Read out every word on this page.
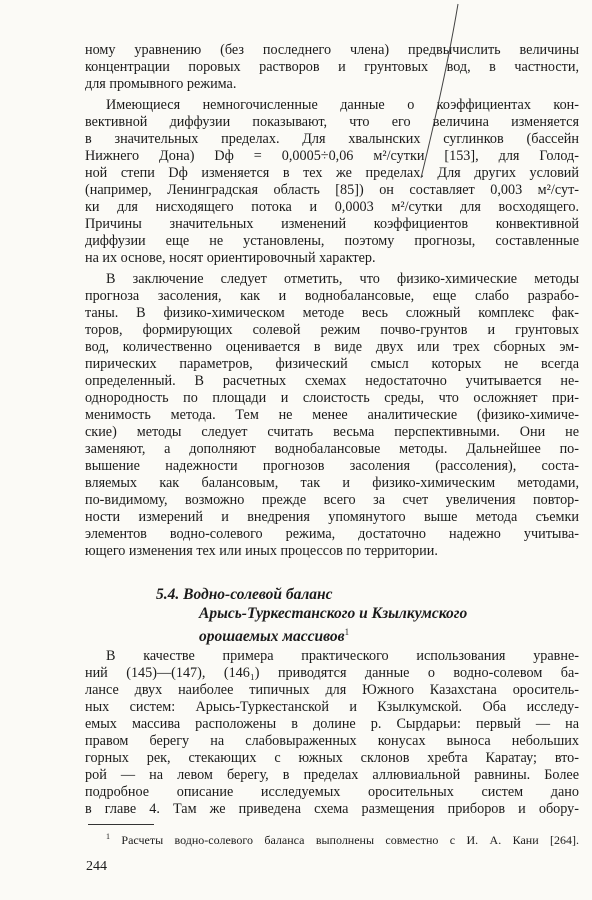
ному уравнению (без последнего члена) предвычислить величины
концентрации поровых растворов и грунтовых вод, в частности,
для промывного режима.
Имеющиеся немногочисленные данные о коэффициентах кон-
вективной диффузии показывают, что его величина изменяется
в значительных пределах. Для хвалынских суглинков (бассейн
Нижнего Дона) Dф = 0,0005÷0,06 м²/сутки [153], для Голод-
ной степи Dф изменяется в тех же пределах. Для других условий
(например, Ленинградская область [85]) он составляет 0,003 м²/сут-
ки для нисходящего потока и 0,0003 м²/сутки для восходящего.
Причины значительных изменений коэффициентов конвективной
диффузии еще не установлены, поэтому прогнозы, составленные
на их основе, носят ориентировочный характер.
В заключение следует отметить, что физико-химические методы
прогноза засоления, как и воднобалансовые, еще слабо разрабо-
таны. В физико-химическом методе весь сложный комплекс фак-
торов, формирующих солевой режим почво-грунтов и грунтовых
вод, количественно оценивается в виде двух или трех сборных эм-
пирических параметров, физический смысл которых не всегда
определенный. В расчетных схемах недостаточно учитывается не-
однородность по площади и слоистость среды, что осложняет при-
менимость метода. Тем не менее аналитические (физико-химиче-
ские) методы следует считать весьма перспективными. Они не
заменяют, а дополняют воднобалансовые методы. Дальнейшее по-
вышение надежности прогнозов засоления (рассоления), соста-
вляемых как балансовым, так и физико-химическим методами,
по-видимому, возможно прежде всего за счет увеличения повтор-
ности измерений и внедрения упомянутого выше метода съемки
элементов водно-солевого режима, достаточно надежно учитыва-
ющего изменения тех или иных процессов по территории.
5.4. Водно-солевой баланс
Арысь-Туркестанского и Кзылкумского
орошаемых массивов$^1$
В качестве примера практического использования уравне-
ний (145)—(147), (146₁) приводятся данные о водно-солевом ба-
лансе двух наиболее типичных для Южного Казахстана ороситель-
ных систем: Арысь-Туркестанской и Кзылкумской. Оба исследу-
емых массива расположены в долине р. Сырдарьи: первый — на
правом берегу на слабовыраженных конусах выноса небольших
горных рек, стекающих с южных склонов хребта Каратау; вто-
рой — на левом берегу, в пределах аллювиальной равнины. Более
подробное описание исследуемых оросительных систем дано
в главе 4. Там же приведена схема размещения приборов и обору-
$^1$ Расчеты водно-солевого баланса выполнены совместно с И. А. Кани [264].
244
